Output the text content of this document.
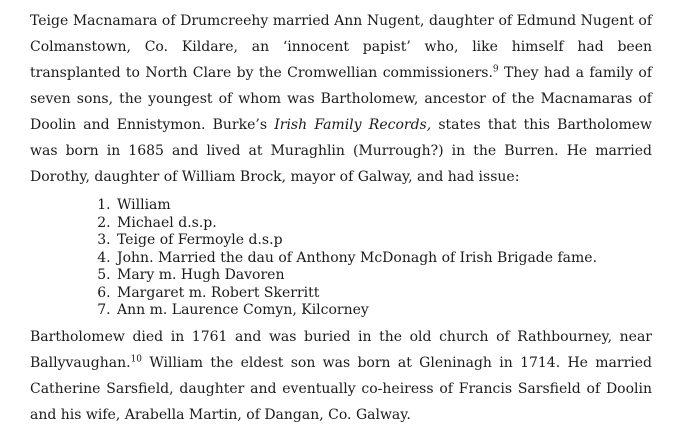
Teige Macnamara of Drumcreehy married Ann Nugent, daughter of Edmund Nugent of Colmanstown, Co. Kildare, an ‘innocent papist’ who, like himself had been transplanted to North Clare by the Cromwellian commissioners.$^9$ They had a family of seven sons, the youngest of whom was Bartholomew, ancestor of the Macnamaras of Doolin and Ennistymon. Burke’s Irish Family Records, states that this Bartholomew was born in 1685 and lived at Muraghlin (Murrough?) in the Burren. He married Dorothy, daughter of William Brock, mayor of Galway, and had issue:

1. William
2. Michael d.s.p.
3. Teige of Fermoyle d.s.p
4. John. Married the dau of Anthony McDonagh of Irish Brigade fame.
5. Mary m. Hugh Davoren
6. Margaret m. Robert Skerritt
7. Ann m. Laurence Comyn, Kilcorney

Bartholomew died in 1761 and was buried in the old church of Rathbourney, near Ballyvaughan.$^{10}$ William the eldest son was born at Gleninagh in 1714. He married Catherine Sarsfield, daughter and eventually co-heiress of Francis Sarsfield of Doolin and his wife, Arabella Martin, of Dangan, Co. Galway.
